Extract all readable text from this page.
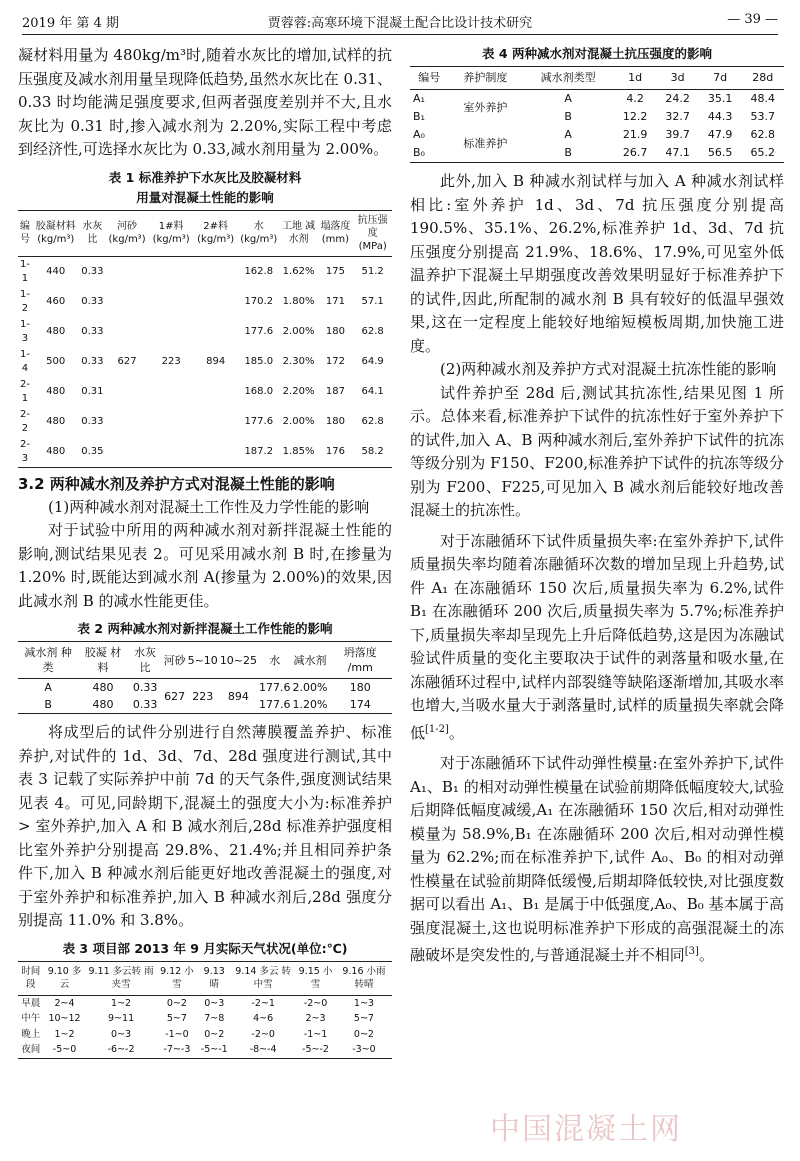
2019 年 第 4 期	贾蓉蓉:高寒环境下混凝土配合比设计技术研究	— 39 —

凝材料用量为 480kg/m³时,随着水灰比的增加,试样的抗压强度及减水剂用量呈现降低趋势,虽然水灰比在 0.31、0.33 时均能满足强度要求,但两者强度差别并不大,且水灰比为 0.31 时,掺入减水剂为 2.20%,实际工程中考虑到经济性,可选择水灰比为 0.33,减水剂用量为 2.00%。

表 1 标准养护下水灰比及胶凝材料
用量对混凝土性能的影响
编号	胶凝材料 (kg/m³)	水灰比	河砂 (kg/m³)	1#料 (kg/m³)	2#料 (kg/m³)	水 (kg/m³)	工地 减水剂	塌落度 (mm)	抗压强度 (MPa)
1-1	440	0.33	627	223	894	162.8	1.62%	175	51.2
1-2	460	0.33				170.2	1.80%	171	57.1
1-3	480	0.33				177.6	2.00%	180	62.8
1-4	500	0.33				185.0	2.30%	172	64.9
2-1	480	0.31				168.0	2.20%	187	64.1
2-2	480	0.33				177.6	2.00%	180	62.8
2-3	480	0.35				187.2	1.85%	176	58.2
3.2 两种减水剂及养护方式对混凝土性能的影响

(1)两种减水剂对混凝土工作性及力学性能的影响

对于试验中所用的两种减水剂对新拌混凝土性能的影响,测试结果见表 2。可见采用减水剂 B 时,在掺量为 1.20% 时,既能达到减水剂 A(掺量为 2.00%)的效果,因此减水剂 B 的减水性能更佳。

表 2 两种减水剂对新拌混凝土工作性能的影响
减水剂 种类	胶凝 材料	水灰比	河砂	5~10	10~25	水	减水剂	坍落度 /mm
A	480	0.33	627	223	894	177.6	2.00%	180
B	480	0.33				177.6	1.20%	174

将成型后的试件分别进行自然薄膜覆盖养护、标准养护,对试件的 1d、3d、7d、28d 强度进行测试,其中表 3 记载了实际养护中前 7d 的天气条件,强度测试结果见表 4。可见,同龄期下,混凝土的强度大小为:标准养护 > 室外养护,加入 A 和 B 减水剂后,28d 标准养护强度相比室外养护分别提高 29.8%、21.4%;并且相同养护条件下,加入 B 种减水剂后能更好地改善混凝土的强度,对于室外养护和标准养护,加入 B 种减水剂后,28d 强度分别提高 11.0% 和 3.8%。

表 3 项目部 2013 年 9 月实际天气状况(单位:℃)
时间段	9.10 多云	9.11 多云转 雨夹雪	9.12 小雪	9.13 晴	9.14 多云 转中雪	9.15 小雪	9.16 小雨 转晴
早晨	2~4	1~2	0~2	0~3	-2~1	-2~0	1~3
中午	10~12	9~11	5~7	7~8	4~6	2~3	5~7
晚上	1~2	0~3	-1~0	0~2	-2~0	-1~1	0~2
夜间	-5~0	-6~-2	-7~-3	-5~-1	-8~-4	-5~-2	-3~0
表 4 两种减水剂对混凝土抗压强度的影响
编号	养护制度	减水剂类型	1d	3d	7d	28d
A₁	室外养护	A	4.2	24.2	35.1	48.4
B₁		B	12.2	32.7	44.3	53.7
A₀	标准养护	A	21.9	39.7	47.9	62.8
B₀		B	26.7	47.1	56.5	65.2

此外,加入 B 种减水剂试样与加入 A 种减水剂试样相比:室外养护 1d、3d、7d 抗压强度分别提高 190.5%、35.1%、26.2%,标准养护 1d、3d、7d 抗压强度分别提高 21.9%、18.6%、17.9%,可见室外低温养护下混凝土早期强度改善效果明显好于标准养护下的试件,因此,所配制的减水剂 B 具有较好的低温早强效果,这在一定程度上能较好地缩短模板周期,加快施工进度。

(2)两种减水剂及养护方式对混凝土抗冻性能的影响

试件养护至 28d 后,测试其抗冻性,结果见图 1 所示。总体来看,标准养护下试件的抗冻性好于室外养护下的试件,加入 A、B 两种减水剂后,室外养护下试件的抗冻等级分别为 F150、F200,标准养护下试件的抗冻等级分别为 F200、F225,可见加入 B 减水剂后能较好地改善混凝土的抗冻性。

对于冻融循环下试件质量损失率:在室外养护下,试件质量损失率均随着冻融循环次数的增加呈现上升趋势,试件 A₁ 在冻融循环 150 次后,质量损失率为 6.2%,试件 B₁ 在冻融循环 200 次后,质量损失率为 5.7%;标准养护下,质量损失率却呈现先上升后降低趋势,这是因为冻融试验试件质量的变化主要取决于试件的剥落量和吸水量,在冻融循环过程中,试样内部裂缝等缺陷逐渐增加,其吸水率也增大,当吸水量大于剥落量时,试样的质量损失率就会降低[1-2]。

对于冻融循环下试件动弹性模量:在室外养护下,试件 A₁、B₁ 的相对动弹性模量在试验前期降低幅度较大,试验后期降低幅度减缓,A₁ 在冻融循环 150 次后,相对动弹性模量为 58.9%,B₁ 在冻融循环 200 次后,相对动弹性模量为 62.2%;而在标准养护下,试件 A₀、B₀ 的相对动弹性模量在试验前期降低缓慢,后期却降低较快,对比强度数据可以看出 A₁、B₁ 是属于中低强度,A₀、B₀ 基本属于高强度混凝土,这也说明标准养护下形成的高强混凝土的冻融破坏是突发性的,与普通混凝土并不相同[3]。

中国混凝土网
